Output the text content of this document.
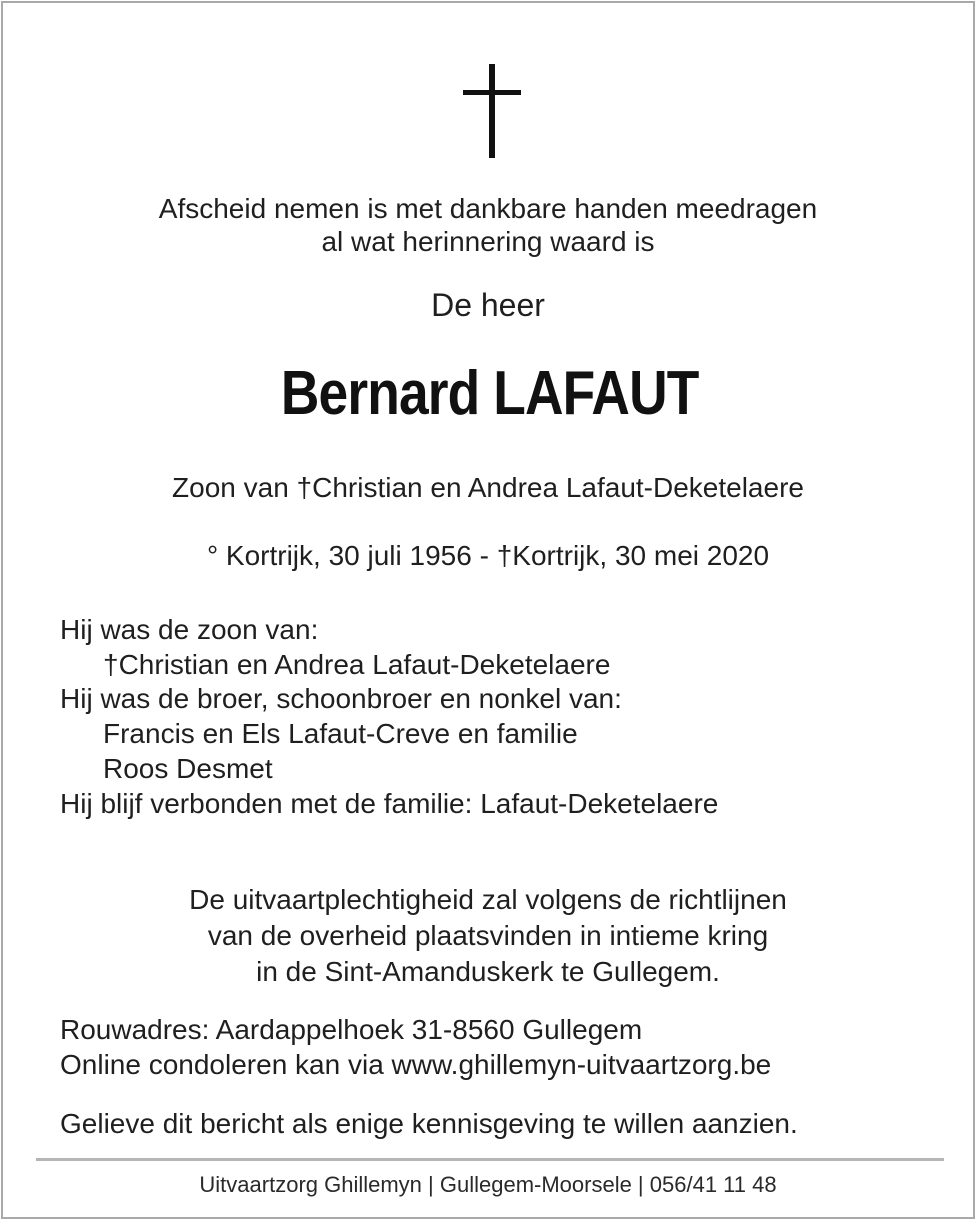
Afscheid nemen is met dankbare handen meedragen
al wat herinnering waard is
De heer
Bernard LAFAUT
Zoon van †Christian en Andrea Lafaut-Deketelaere
° Kortrijk, 30 juli 1956 - †Kortrijk, 30 mei 2020
Hij was de zoon van:
†Christian en Andrea Lafaut-Deketelaere
Hij was de broer, schoonbroer en nonkel van:
Francis en Els Lafaut-Creve en familie
Roos Desmet
Hij blijf verbonden met de familie: Lafaut-Deketelaere
De uitvaartplechtigheid zal volgens de richtlijnen
van de overheid plaatsvinden in intieme kring
in de Sint-Amanduskerk te Gullegem.
Rouwadres: Aardappelhoek 31-8560 Gullegem
Online condoleren kan via www.ghillemyn-uitvaartzorg.be
Gelieve dit bericht als enige kennisgeving te willen aanzien.
Uitvaartzorg Ghillemyn | Gullegem-Moorsele | 056/41 11 48
